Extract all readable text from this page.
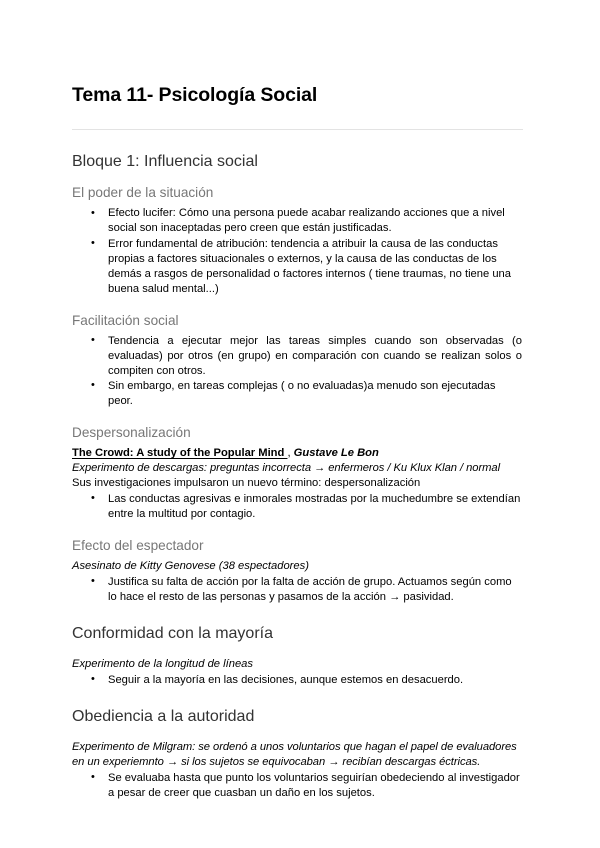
Tema 11- Psicología Social
Bloque 1: Influencia social
El poder de la situación
• Efecto lucifer: Cómo una persona puede acabar realizando acciones que a nivel social son inaceptadas pero creen que están justificadas.
• Error fundamental de atribución: tendencia a atribuir la causa de las conductas propias a factores situacionales o externos, y la causa de las conductas de los demás a rasgos de personalidad o factores internos ( tiene traumas, no tiene una buena salud mental...)
Facilitación social
• Tendencia a ejecutar mejor las tareas simples cuando son observadas (o evaluadas) por otros (en grupo) en comparación con cuando se realizan solos o compiten con otros.
• Sin embargo, en tareas complejas ( o no evaluadas)a menudo son ejecutadas peor.
Despersonalización

The Crowd: A study of the Popular Mind , Gustave Le Bon

Experimento de descargas: preguntas incorrecta → enfermeros / Ku Klux Klan / normal

Sus investigaciones impulsaron un nuevo término: despersonalización

• Las conductas agresivas e inmorales mostradas por la muchedumbre se extendían entre la multitud por contagio.
Efecto del espectador

Asesinato de Kitty Genovese (38 espectadores)

• Justifica su falta de acción por la falta de acción de grupo. Actuamos según como lo hace el resto de las personas y pasamos de la acción → pasividad.
Conformidad con la mayoría

Experimento de la longitud de líneas

• Seguir a la mayoría en las decisiones, aunque estemos en desacuerdo.
Obediencia a la autoridad

Experimento de Milgram: se ordenó a unos voluntarios que hagan el papel de evaluadores en un experiemnto → si los sujetos se equivocaban → recibían descargas éctricas.

• Se evaluaba hasta que punto los voluntarios seguirían obedeciendo al investigador a pesar de creer que cuasban un daño en los sujetos.
